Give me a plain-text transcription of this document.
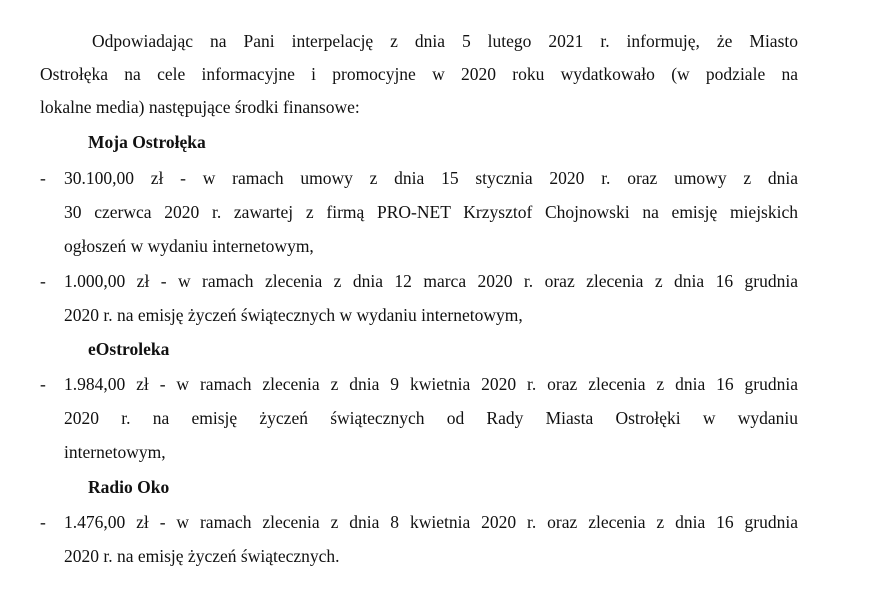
Odpowiadając na Pani interpelację z dnia 5 lutego 2021 r. informuję, że Miasto
Ostrołęka na cele informacyjne i promocyjne w 2020 roku wydatkowało (w podziale na
lokalne media) następujące środki finansowe:
Moja Ostrołęka
- 30.100,00 zł - w ramach umowy z dnia 15 stycznia 2020 r. oraz umowy z dnia
30 czerwca 2020 r. zawartej z firmą PRO-NET Krzysztof Chojnowski na emisję miejskich
ogłoszeń w wydaniu internetowym,
- 1.000,00 zł - w ramach zlecenia z dnia 12 marca 2020 r. oraz zlecenia z dnia 16 grudnia
2020 r. na emisję życzeń świątecznych w wydaniu internetowym,
eOstroleka
- 1.984,00 zł - w ramach zlecenia z dnia 9 kwietnia 2020 r. oraz zlecenia z dnia 16 grudnia
2020 r. na emisję życzeń świątecznych od Rady Miasta Ostrołęki w wydaniu
internetowym,
Radio Oko
- 1.476,00 zł - w ramach zlecenia z dnia 8 kwietnia 2020 r. oraz zlecenia z dnia 16 grudnia
2020 r. na emisję życzeń świątecznych.
